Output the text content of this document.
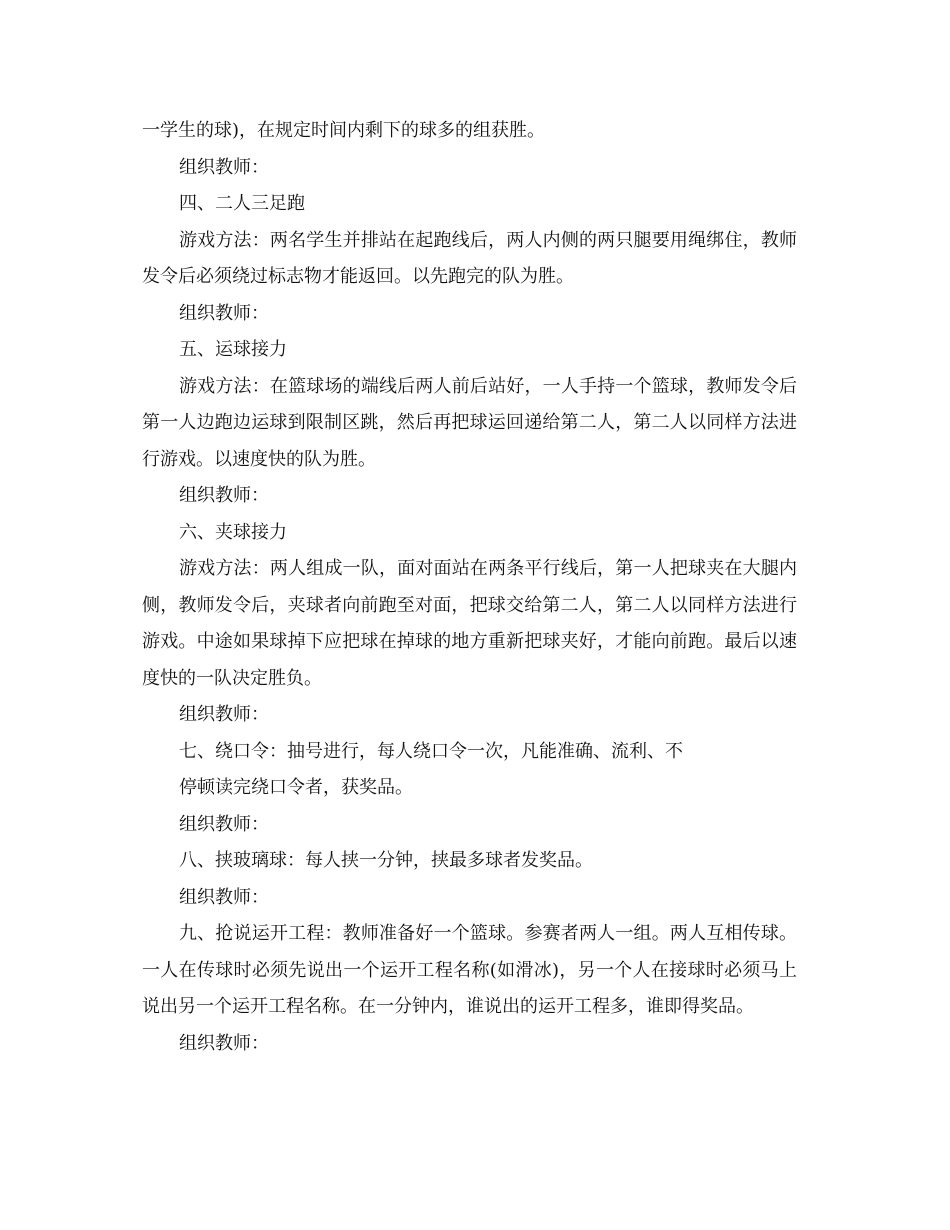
一学生的球)，在规定时间内剩下的球多的组获胜。

组织教师：

四、二人三足跑

游戏方法：两名学生并排站在起跑线后，两人内侧的两只腿要用绳绑住，教师发令后必须绕过标志物才能返回。以先跑完的队为胜。

组织教师：

五、运球接力

游戏方法：在篮球场的端线后两人前后站好，一人手持一个篮球，教师发令后第一人边跑边运球到限制区跳，然后再把球运回递给第二人，第二人以同样方法进行游戏。以速度快的队为胜。

组织教师：

六、夹球接力

游戏方法：两人组成一队，面对面站在两条平行线后，第一人把球夹在大腿内侧，教师发令后，夹球者向前跑至对面，把球交给第二人，第二人以同样方法进行游戏。中途如果球掉下应把球在掉球的地方重新把球夹好，才能向前跑。最后以速度快的一队决定胜负。

组织教师：

七、绕口令：抽号进行，每人绕口令一次，凡能准确、流利、不

停顿读完绕口令者，获奖品。

组织教师：

八、挟玻璃球：每人挟一分钟，挟最多球者发奖品。

组织教师：

九、抢说运开工程：教师准备好一个篮球。参赛者两人一组。两人互相传球。一人在传球时必须先说出一个运开工程名称(如滑冰)，另一个人在接球时必须马上说出另一个运开工程名称。在一分钟内，谁说出的运开工程多，谁即得奖品。

组织教师：
